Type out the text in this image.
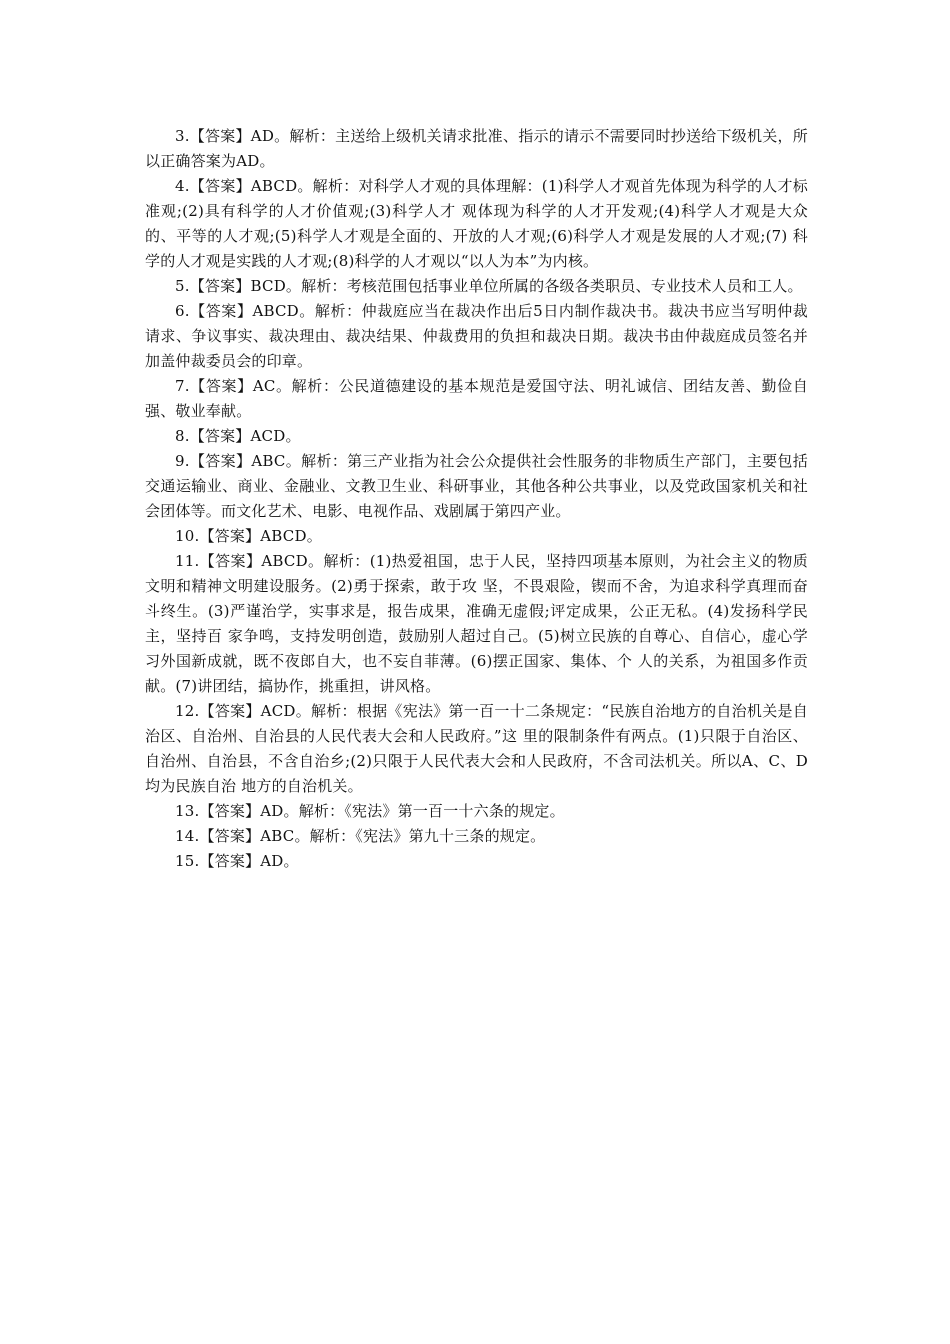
3.【答案】AD。解析：主送给上级机关请求批准、指示的请示不需要同时抄送给下级机关，所以正确答案为AD。

4.【答案】ABCD。解析：对科学人才观的具体理解：(1)科学人才观首先体现为科学的人才标准观;(2)具有科学的人才价值观;(3)科学人才 观体现为科学的人才开发观;(4)科学人才观是大众的、平等的人才观;(5)科学人才观是全面的、开放的人才观;(6)科学人才观是发展的人才观;(7) 科学的人才观是实践的人才观;(8)科学的人才观以“以人为本”为内核。

5.【答案】BCD。解析：考核范围包括事业单位所属的各级各类职员、专业技术人员和工人。

6.【答案】ABCD。解析：仲裁庭应当在裁决作出后5日内制作裁决书。裁决书应当写明仲裁请求、争议事实、裁决理由、裁决结果、仲裁费用的负担和裁决日期。裁决书由仲裁庭成员签名并加盖仲裁委员会的印章。

7.【答案】AC。解析：公民道德建设的基本规范是爱国守法、明礼诚信、团结友善、勤俭自强、敬业奉献。

8.【答案】ACD。

9.【答案】ABC。解析：第三产业指为社会公众提供社会性服务的非物质生产部门，主要包括交通运输业、商业、金融业、文教卫生业、科研事业，其他各种公共事业，以及党政国家机关和社会团体等。而文化艺术、电影、电视作品、戏剧属于第四产业。

10.【答案】ABCD。

11.【答案】ABCD。解析：(1)热爱祖国，忠于人民，坚持四项基本原则，为社会主义的物质文明和精神文明建设服务。(2)勇于探索，敢于攻 坚，不畏艰险，锲而不舍，为追求科学真理而奋斗终生。(3)严谨治学，实事求是，报告成果，准确无虚假;评定成果，公正无私。(4)发扬科学民主，坚持百 家争鸣，支持发明创造，鼓励别人超过自己。(5)树立民族的自尊心、自信心，虚心学习外国新成就，既不夜郎自大，也不妄自菲薄。(6)摆正国家、集体、个 人的关系，为祖国多作贡献。(7)讲团结，搞协作，挑重担，讲风格。

12.【答案】ACD。解析：根据《宪法》第一百一十二条规定：“民族自治地方的自治机关是自治区、自治州、自治县的人民代表大会和人民政府。”这 里的限制条件有两点。(1)只限于自治区、自治州、自治县，不含自治乡;(2)只限于人民代表大会和人民政府，不含司法机关。所以A、C、D均为民族自治 地方的自治机关。

13.【答案】AD。解析：《宪法》第一百一十六条的规定。

14.【答案】ABC。解析：《宪法》第九十三条的规定。

15.【答案】AD。
